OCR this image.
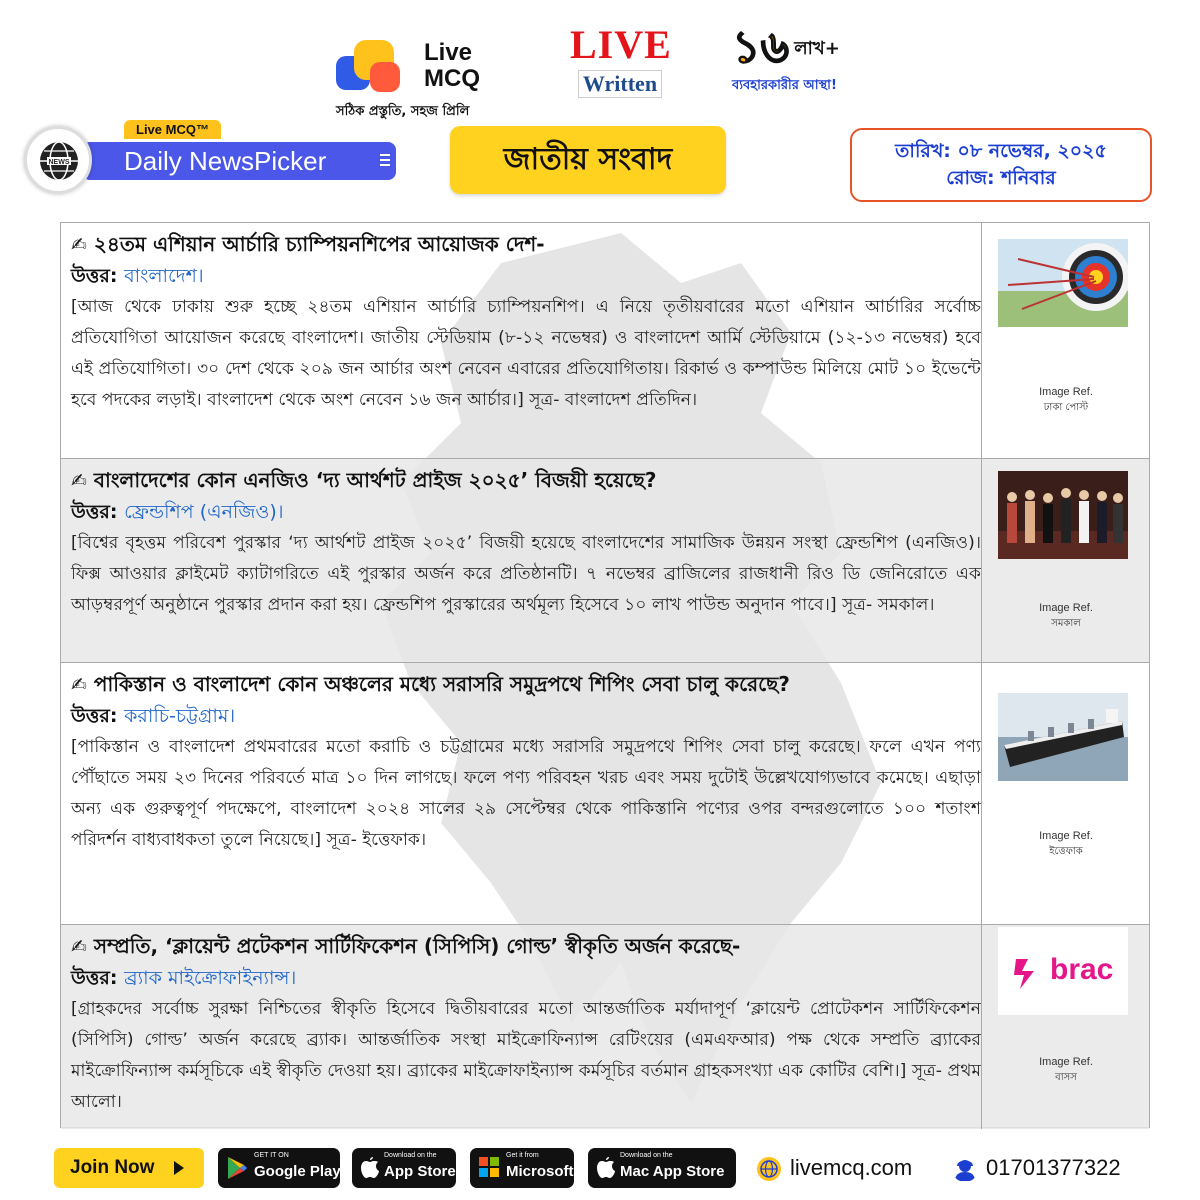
Live
MCQ
সঠিক প্রস্তুতি, সহজ প্রিলি
LIVE
Written
১৬ লাখ+
ব্যবহারকারীর আস্থা!
Live MCQ™
Daily NewsPicker
NEWS	জাতীয় সংবাদ	তারিখ: ০৮ নভেম্বর, ২০২৫
রোজ: শনিবার
✍ ২৪তম এশিয়ান আর্চারি চ্যাম্পিয়নশিপের আয়োজক দেশ-
উত্তর: বাংলাদেশ।
[আজ থেকে ঢাকায় শুরু হচ্ছে ২৪তম এশিয়ান আর্চারি চ্যাম্পিয়নশিপ। এ নিয়ে তৃতীয়বারের মতো এশিয়ান আর্চারির সর্বোচ্চ প্রতিযোগিতা আয়োজন করেছে বাংলাদেশ। জাতীয় স্টেডিয়াম (৮-১২ নভেম্বর) ও বাংলাদেশ আর্মি স্টেডিয়ামে (১২-১৩ নভেম্বর) হবে এই প্রতিযোগিতা। ৩০ দেশ থেকে ২০৯ জন আর্চার অংশ নেবেন এবারের প্রতিযোগিতায়। রিকার্ভ ও কম্পাউন্ড মিলিয়ে মোট ১০ ইভেন্টে হবে পদকের লড়াই। বাংলাদেশ থেকে অংশ নেবেন ১৬ জন আর্চার।] সূত্র- বাংলাদেশ প্রতিদিন।	Image Ref.
ঢাকা পোস্ট
✍ বাংলাদেশের কোন এনজিও ‘দ্য আর্থশট প্রাইজ ২০২৫’ বিজয়ী হয়েছে?
উত্তর: ফ্রেন্ডশিপ (এনজিও)।
[বিশ্বের বৃহত্তম পরিবেশ পুরস্কার ‘দ্য আর্থশট প্রাইজ ২০২৫’ বিজয়ী হয়েছে বাংলাদেশের সামাজিক উন্নয়ন সংস্থা ফ্রেন্ডশিপ (এনজিও)। ফিক্স আওয়ার ক্লাইমেট ক্যাটাগরিতে এই পুরস্কার অর্জন করে প্রতিষ্ঠানটি। ৭ নভেম্বর ব্রাজিলের রাজধানী রিও ডি জেনিরোতে এক আড়ম্বরপূর্ণ অনুষ্ঠানে পুরস্কার প্রদান করা হয়। ফ্রেন্ডশিপ পুরস্কারের অর্থমূল্য হিসেবে ১০ লাখ পাউন্ড অনুদান পাবে।] সূত্র- সমকাল।	Image Ref.
সমকাল
✍ পাকিস্তান ও বাংলাদেশ কোন অঞ্চলের মধ্যে সরাসরি সমুদ্রপথে শিপিং সেবা চালু করেছে?
উত্তর: করাচি-চট্টগ্রাম।
[পাকিস্তান ও বাংলাদেশ প্রথমবারের মতো করাচি ও চট্টগ্রামের মধ্যে সরাসরি সমুদ্রপথে শিপিং সেবা চালু করেছে। ফলে এখন পণ্য পৌঁছাতে সময় ২৩ দিনের পরিবর্তে মাত্র ১০ দিন লাগছে। ফলে পণ্য পরিবহন খরচ এবং সময় দুটোই উল্লেখযোগ্যভাবে কমেছে। এছাড়া অন্য এক গুরুত্বপূর্ণ পদক্ষেপে, বাংলাদেশ ২০২৪ সালের ২৯ সেপ্টেম্বর থেকে পাকিস্তানি পণ্যের ওপর বন্দরগুলোতে ১০০ শতাংশ পরিদর্শন বাধ্যবাধকতা তুলে নিয়েছে।] সূত্র- ইত্তেফাক।	Image Ref.
ইত্তেফাক
✍ সম্প্রতি, ‘ক্লায়েন্ট প্রটেকশন সার্টিফিকেশন (সিপিসি) গোল্ড’ স্বীকৃতি অর্জন করেছে-
উত্তর: ব্র্যাক মাইক্রোফাইন্যান্স।
[গ্রাহকদের সর্বোচ্চ সুরক্ষা নিশ্চিতের স্বীকৃতি হিসেবে দ্বিতীয়বারের মতো আন্তর্জাতিক মর্যাদাপূর্ণ ‘ক্লায়েন্ট প্রোটেকশন সার্টিফিকেশন (সিপিসি) গোল্ড’ অর্জন করেছে ব্র্যাক। আন্তর্জাতিক সংস্থা মাইক্রোফিন্যান্স রেটিংয়ের (এমএফআর) পক্ষ থেকে সম্প্রতি ব্র্যাকের মাইক্রোফিন্যান্স কর্মসূচিকে এই স্বীকৃতি দেওয়া হয়। ব্র্যাকের মাইক্রোফাইন্যান্স কর্মসূচির বর্তমান গ্রাহকসংখ্যা এক কোটির বেশি।] সূত্র- প্রথম আলো।
brac
Image Ref.
বাসস
Join Now
GET IT ON
Google Play
Download on the
App Store
Get it from
Microsoft
Download on the
Mac App Store	livemcq.com	01701377322
